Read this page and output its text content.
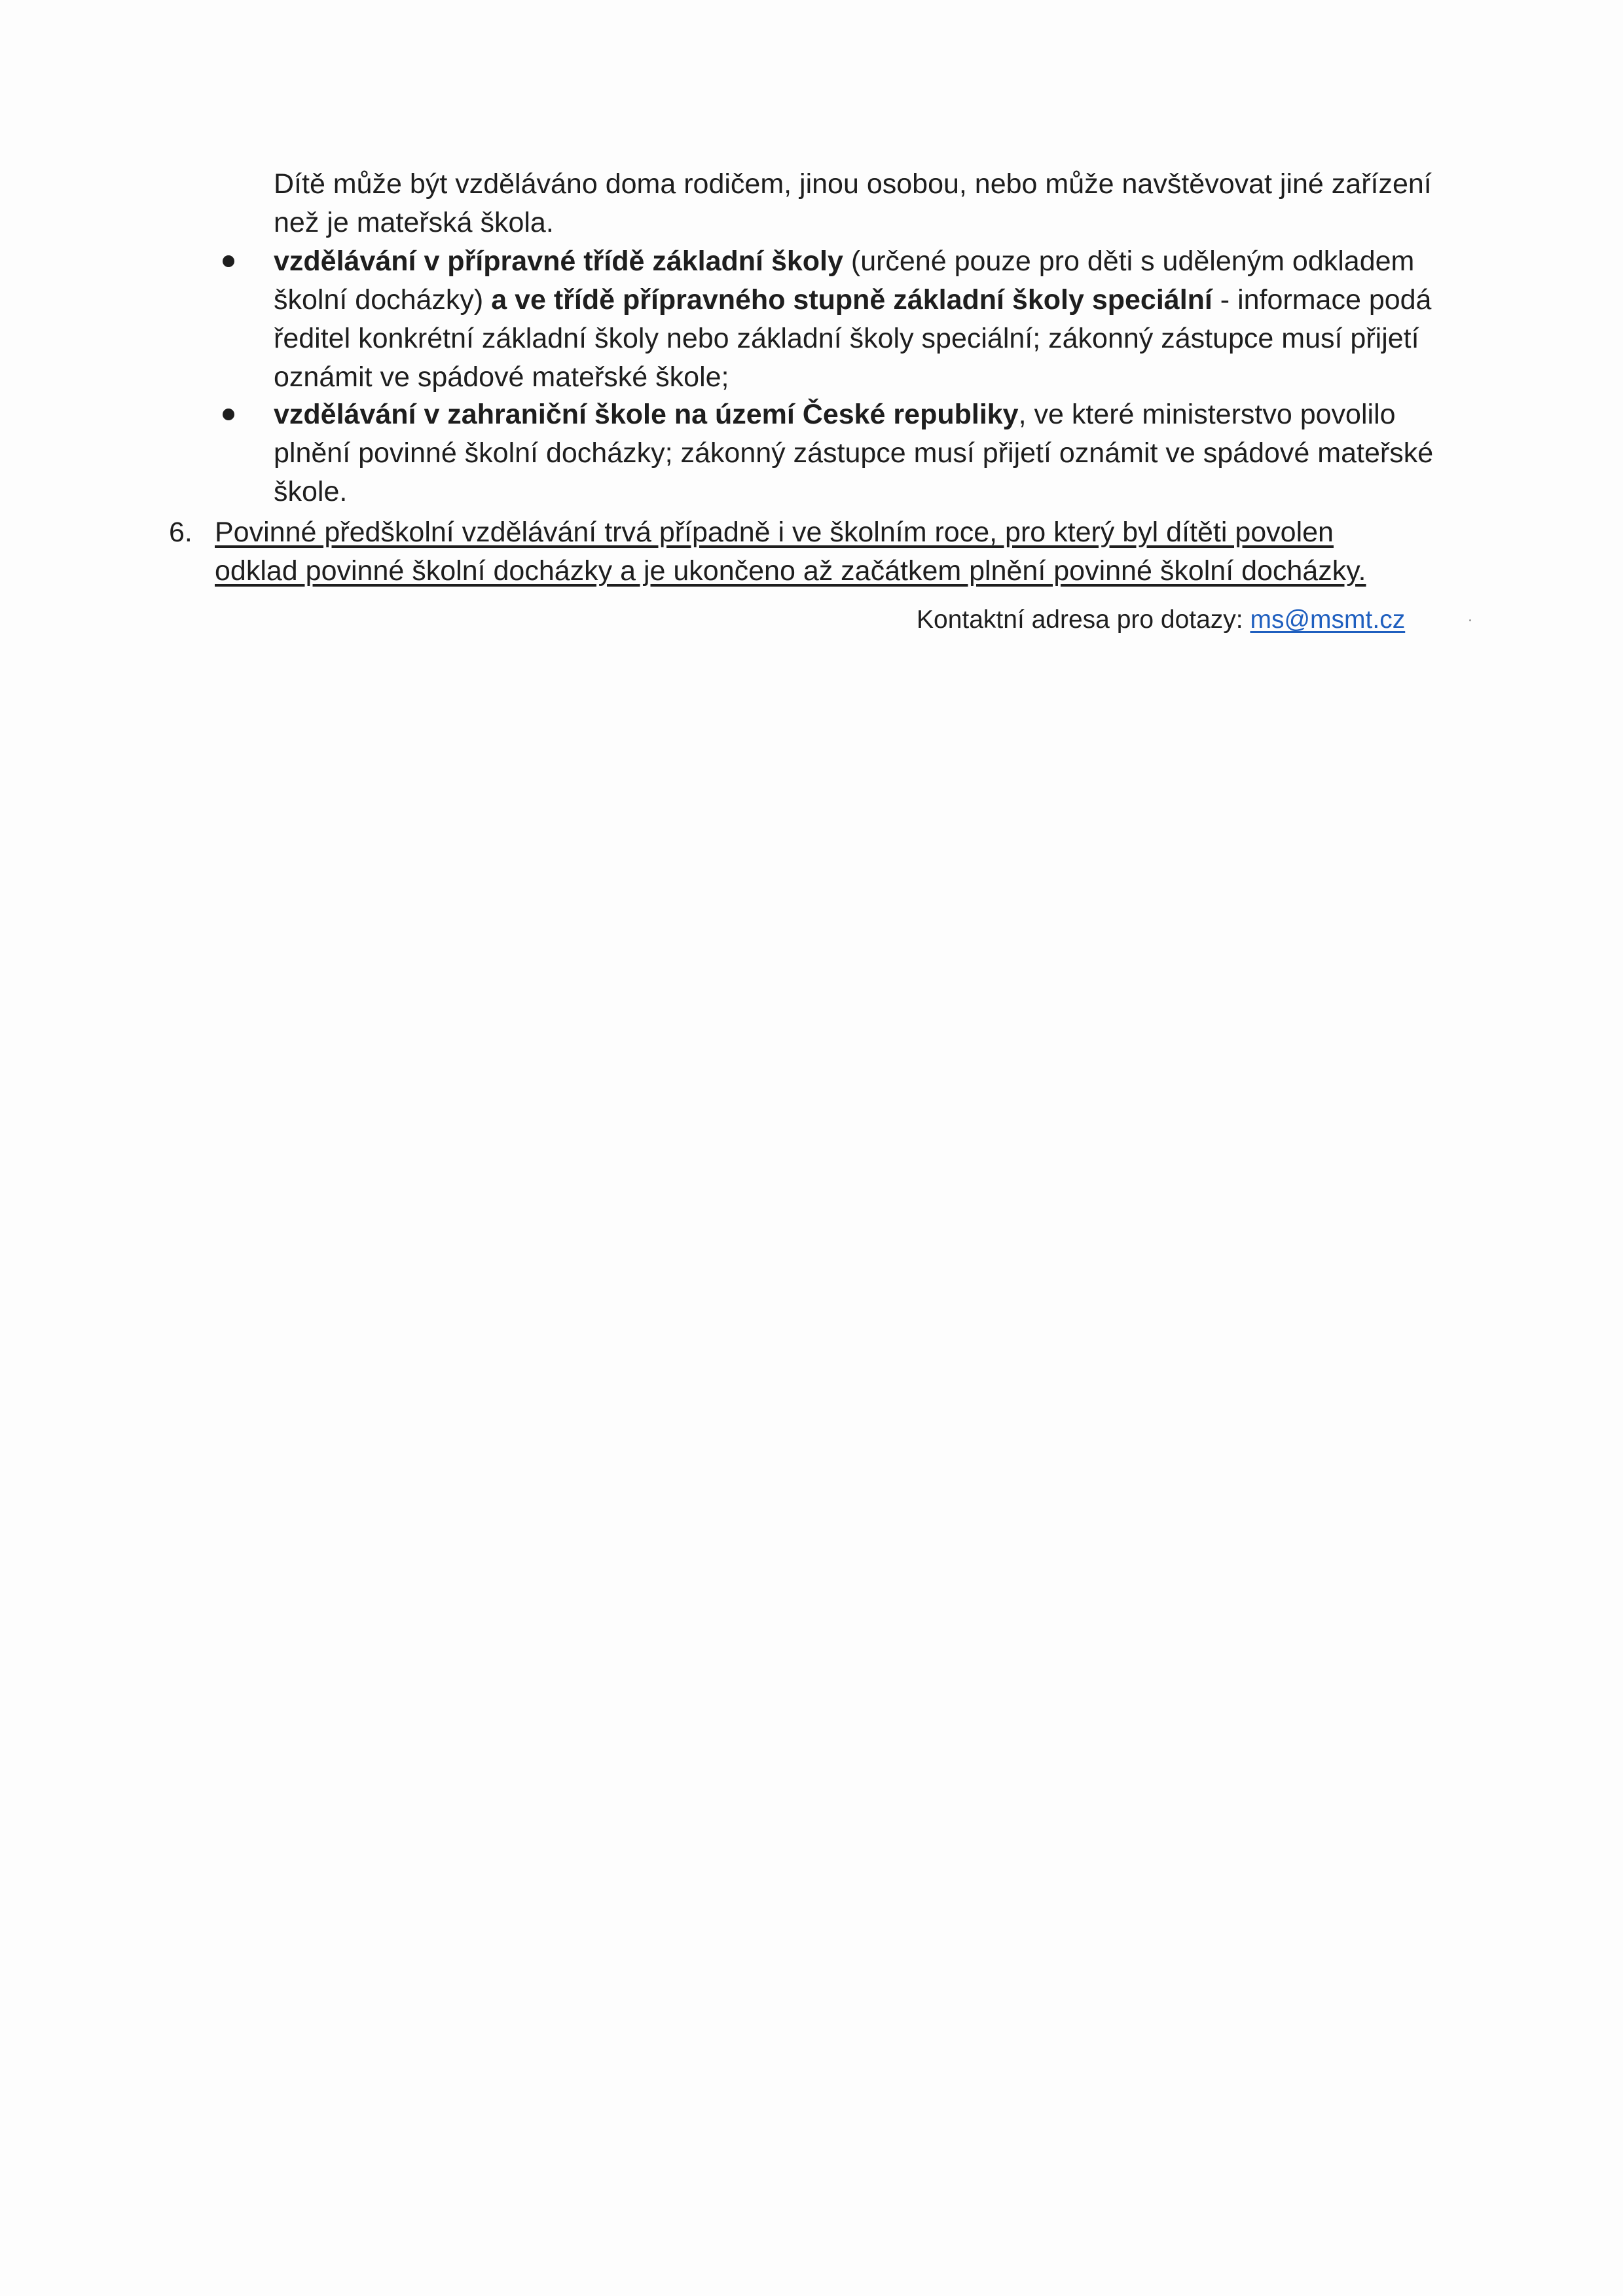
Dítě může být vzděláváno doma rodičem, jinou osobou, nebo může navštěvovat jiné zařízení
než je mateřská škola.
vzdělávání v přípravné třídě základní školy (určené pouze pro děti s uděleným odkladem
školní docházky) a ve třídě přípravného stupně základní školy speciální - informace podá
ředitel konkrétní základní školy nebo základní školy speciální; zákonný zástupce musí přijetí
oznámit ve spádové mateřské škole;
vzdělávání v zahraniční škole na území České republiky, ve které ministerstvo povolilo
plnění povinné školní docházky; zákonný zástupce musí přijetí oznámit ve spádové mateřské
škole.
6. Povinné předškolní vzdělávání trvá případně i ve školním roce, pro který byl dítěti povolen
odklad povinné školní docházky a je ukončeno až začátkem plnění povinné školní docházky.
Kontaktní adresa pro dotazy: ms@msmt.cz
